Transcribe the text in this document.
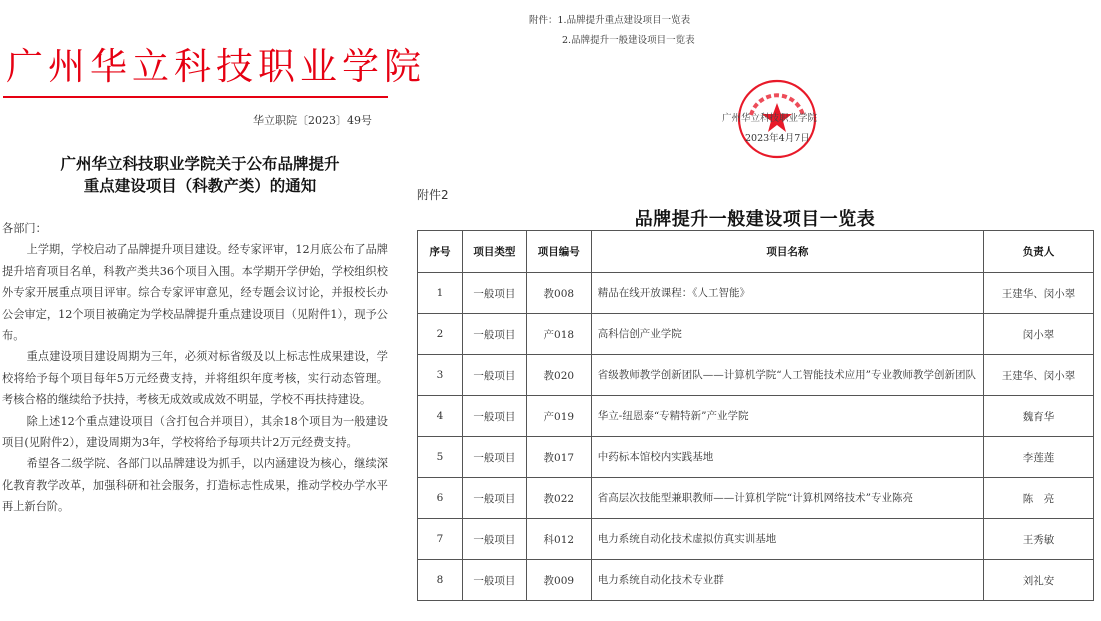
广州华立科技职业学院
华立职院〔2023〕49号
广州华立科技职业学院关于公布品牌提升
重点建设项目（科教产类）的通知

各部门：

上学期，学校启动了品牌提升项目建设。经专家评审，12月底公布了品牌提升培育项目名单，科教产类共36个项目入围。本学期开学伊始，学校组织校外专家开展重点项目评审。综合专家评审意见，经专题会议讨论，并报校长办公会审定，12个项目被确定为学校品牌提升重点建设项目（见附件1），现予公布。

重点建设项目建设周期为三年，必须对标省级及以上标志性成果建设，学校将给予每个项目每年5万元经费支持，并将组织年度考核，实行动态管理。考核合格的继续给予扶持，考核无成效或成效不明显，学校不再扶持建设。

除上述12个重点建设项目（含打包合并项目），其余18个项目为一般建设项目(见附件2），建设周期为3年，学校将给予每项共计2万元经费支持。

希望各二级学院、各部门以品牌建设为抓手，以内涵建设为核心，继续深化教育教学改革，加强科研和社会服务，打造标志性成果，推动学校办学水平再上新台阶。

附件：1.品牌提升重点建设项目一览表
2.品牌提升一般建设项目一览表
广州华立科技职业学院
2023年4月7日
附件2
品牌提升一般建设项目一览表
序号	项目类型	项目编号	项目名称	负责人
1	一般项目	教008	精品在线开放课程：《人工智能》	王建华、闵小翠
2	一般项目	产018	高科信创产业学院	闵小翠
3	一般项目	教020	省级教师教学创新团队——计算机学院“人工智能技术应用”专业教师教学创新团队	王建华、闵小翠
4	一般项目	产019	华立-纽恩泰“专精特新”产业学院	魏育华
5	一般项目	教017	中药标本馆校内实践基地	李莲莲
6	一般项目	教022	省高层次技能型兼职教师——计算机学院“计算机网络技术”专业陈亮	陈　亮
7	一般项目	科012	电力系统自动化技术虚拟仿真实训基地	王秀敏
8	一般项目	教009	电力系统自动化技术专业群	刘礼安
